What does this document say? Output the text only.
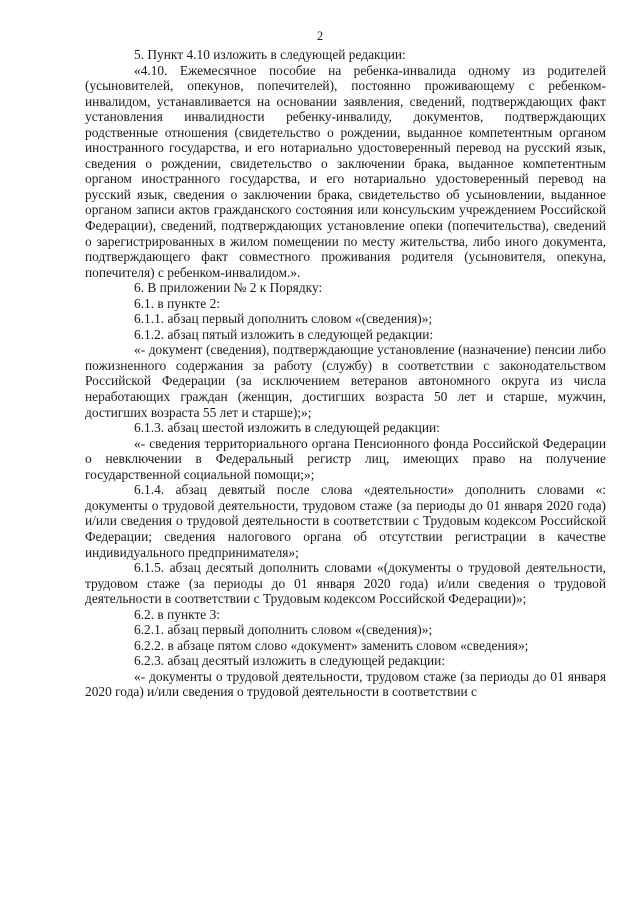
2

5. Пункт 4.10 изложить в следующей редакции:

«4.10. Ежемесячное пособие на ребенка-инвалида одному из родителей (усыновителей, опекунов, попечителей), постоянно проживающему с ребенком-инвалидом, устанавливается на основании заявления, сведений, подтверждающих факт установления инвалидности ребенку-инвалиду, документов, подтверждающих родственные отношения (свидетельство о рождении, выданное компетентным органом иностранного государства, и его нотариально удостоверенный перевод на русский язык, сведения о рождении, свидетельство о заключении брака, выданное компетентным органом иностранного государства, и его нотариально удостоверенный перевод на русский язык, сведения о заключении брака, свидетельство об усыновлении, выданное органом записи актов гражданского состояния или консульским учреждением Российской Федерации), сведений, подтверждающих установление опеки (попечительства), сведений о зарегистрированных в жилом помещении по месту жительства, либо иного документа, подтверждающего факт совместного проживания родителя (усыновителя, опекуна, попечителя) с ребенком-инвалидом.».

6. В приложении № 2 к Порядку:

6.1. в пункте 2:

6.1.1. абзац первый дополнить словом «(сведения)»;

6.1.2. абзац пятый изложить в следующей редакции:

«- документ (сведения), подтверждающие установление (назначение) пенсии либо пожизненного содержания за работу (службу) в соответствии с законодательством Российской Федерации (за исключением ветеранов автономного округа из числа неработающих граждан (женщин, достигших возраста 50 лет и старше, мужчин, достигших возраста 55 лет и старше);»;

6.1.3. абзац шестой изложить в следующей редакции:

«- сведения территориального органа Пенсионного фонда Российской Федерации о невключении в Федеральный регистр лиц, имеющих право на получение государственной социальной помощи;»;

6.1.4. абзац девятый после слова «деятельности» дополнить словами «: документы о трудовой деятельности, трудовом стаже (за периоды до 01 января 2020 года) и/или сведения о трудовой деятельности в соответствии с Трудовым кодексом Российской Федерации; сведения налогового органа об отсутствии регистрации в качестве индивидуального предпринимателя»;

6.1.5. абзац десятый дополнить словами «(документы о трудовой деятельности, трудовом стаже (за периоды до 01 января 2020 года) и/или сведения о трудовой деятельности в соответствии с Трудовым кодексом Российской Федерации)»;

6.2. в пункте 3:

6.2.1. абзац первый дополнить словом «(сведения)»;

6.2.2. в абзаце пятом слово «документ» заменить словом «сведения»;

6.2.3. абзац десятый изложить в следующей редакции:

«- документы о трудовой деятельности, трудовом стаже (за периоды до 01 января 2020 года) и/или сведения о трудовой деятельности в соответствии с
